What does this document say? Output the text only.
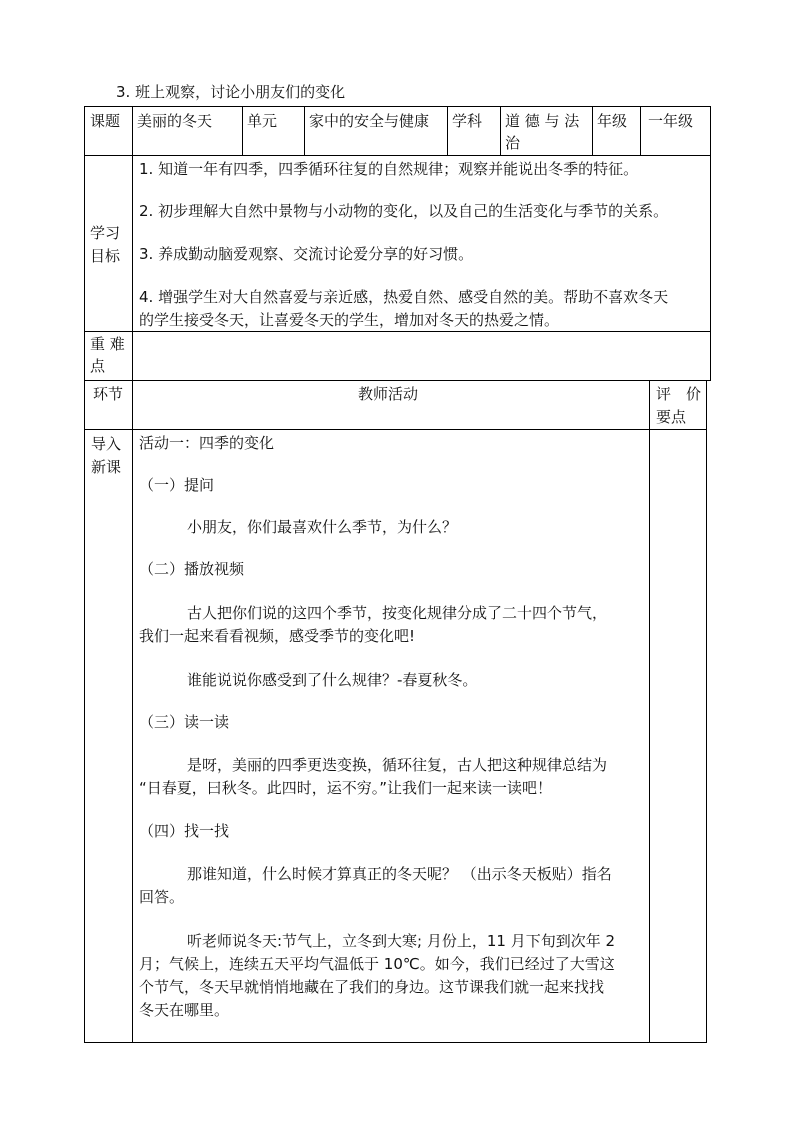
3. 班上观察，讨论小朋友们的变化
课题 美丽的冬天 单元 家中的安全与健康 学科 道 德 与 法
治
年级 一年级
学习
目标
1. 知道一年有四季，四季循环往复的自然规律；观察并能说出冬季的特征。
2. 初步理解大自然中景物与小动物的变化，以及自己的生活变化与季节的关系。
3. 养成勤动脑爱观察、交流讨论爱分享的好习惯。
4. 增强学生对大自然喜爱与亲近感，热爱自然、感受自然的美。帮助不喜欢冬天
的学生接受冬天，让喜爱冬天的学生，增加对冬天的热爱之情。
重 难
点
环节	教师活动	评　价
要点
导入
新课
活动一：四季的变化
（一）提问
小朋友，你们最喜欢什么季节，为什么？
（二）播放视频
古人把你们说的这四个季节，按变化规律分成了二十四个节气，
我们一起来看看视频，感受季节的变化吧!
谁能说说你感受到了什么规律？-春夏秋冬。
（三）读一读
是呀，美丽的四季更迭变换，循环往复，古人把这种规律总结为
“日春夏，曰秋冬。此四时，运不穷。”让我们一起来读一读吧！
（四）找一找
那谁知道，什么时候才算真正的冬天呢？ （出示冬天板贴）指名
回答。
听老师说冬天:节气上，立冬到大寒; 月份上，11 月下旬到次年 2
月；气候上，连续五天平均气温低于 10℃。如今，我们已经过了大雪这
个节气，冬天早就悄悄地藏在了我们的身边。这节课我们就一起来找找
冬天在哪里。
